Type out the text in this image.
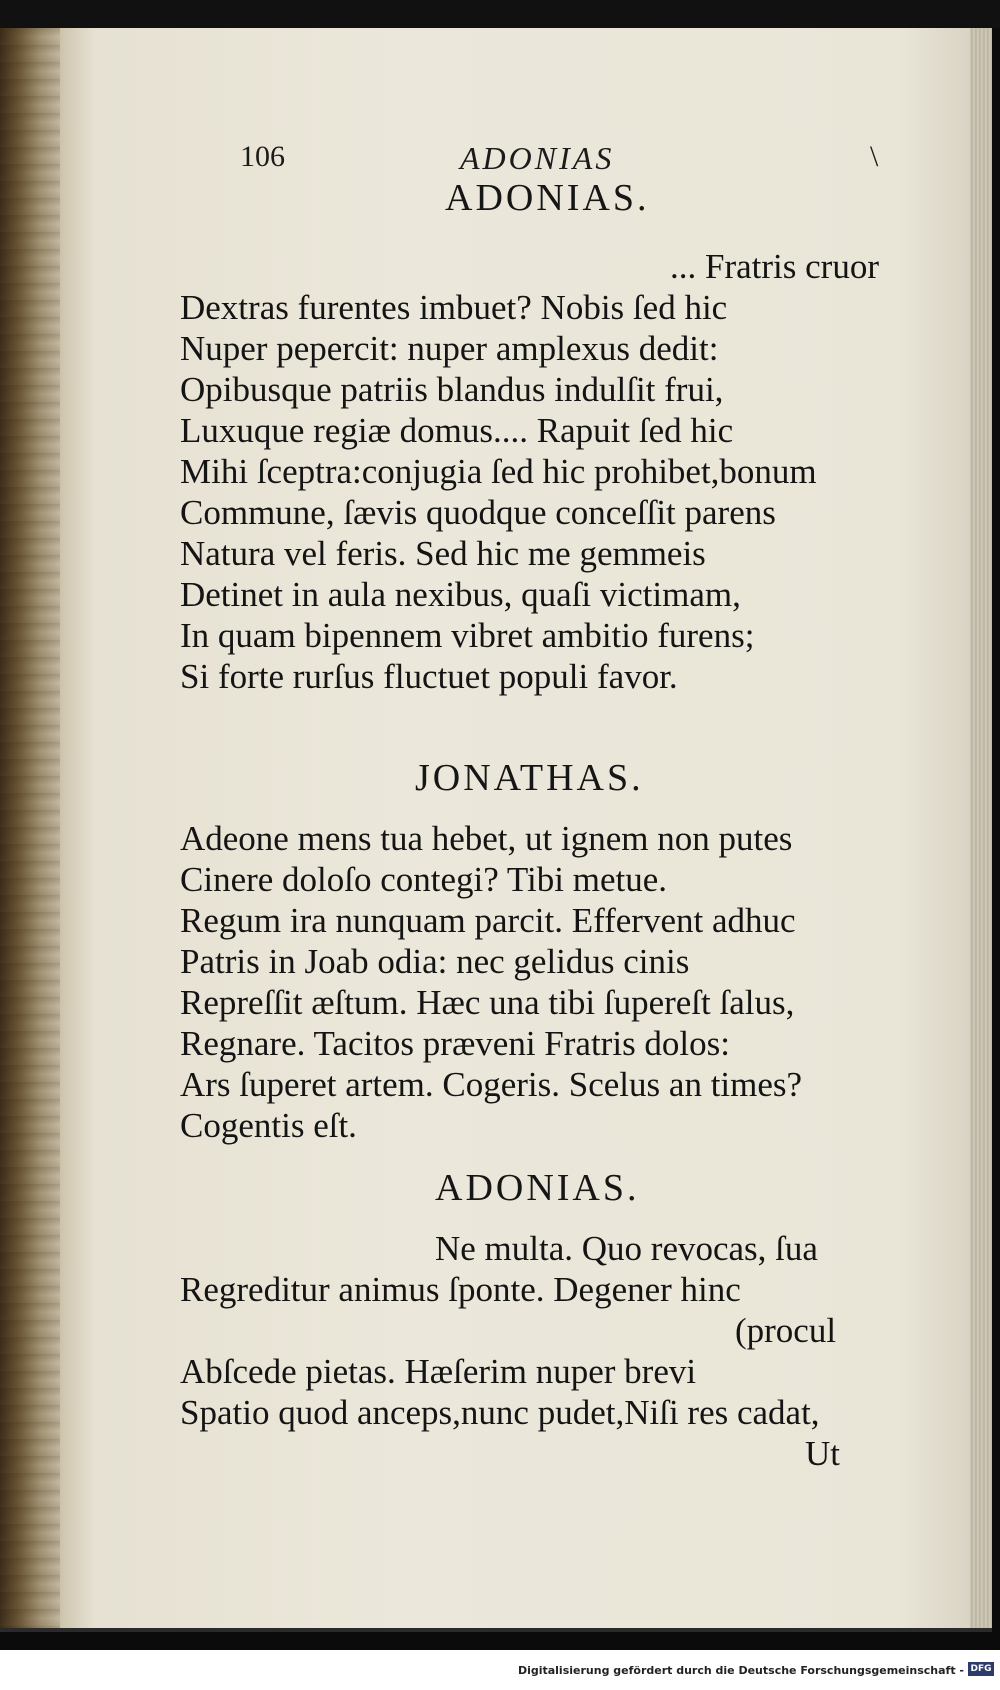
106	ADONIAS	\
ADONIAS.
... Fratris cruor
Dextras furentes imbuet? Nobis ſed hic
Nuper pepercit: nuper amplexus dedit:
Opibusque patriis blandus indulſit frui,
Luxuque regiæ domus.... Rapuit ſed hic
Mihi ſceptra:conjugia ſed hic prohibet,bonum
Commune, ſævis quodque conceſſit parens
Natura vel feris. Sed hic me gemmeis
Detinet in aula nexibus, quaſi victimam,
In quam bipennem vibret ambitio furens;
Si forte rurſus fluctuet populi favor.
JONATHAS.
Adeone mens tua hebet, ut ignem non putes
Cinere doloſo contegi? Tibi metue.
Regum ira nunquam parcit. Effervent adhuc
Patris in Joab odia: nec gelidus cinis
Repreſſit æſtum. Hæc una tibi ſupereſt ſalus,
Regnare. Tacitos præveni Fratris dolos:
Ars ſuperet artem. Cogeris. Scelus an times?
Cogentis eſt.
ADONIAS.
Ne multa. Quo revocas, ſua
Regreditur animus ſponte. Degener hinc
(procul
Abſcede pietas. Hæſerim nuper brevi
Spatio quod anceps,nunc pudet,Niſi res cadat,
Ut
Digitalisierung gefördert durch die Deutsche Forschungsgemeinschaft - DFG
